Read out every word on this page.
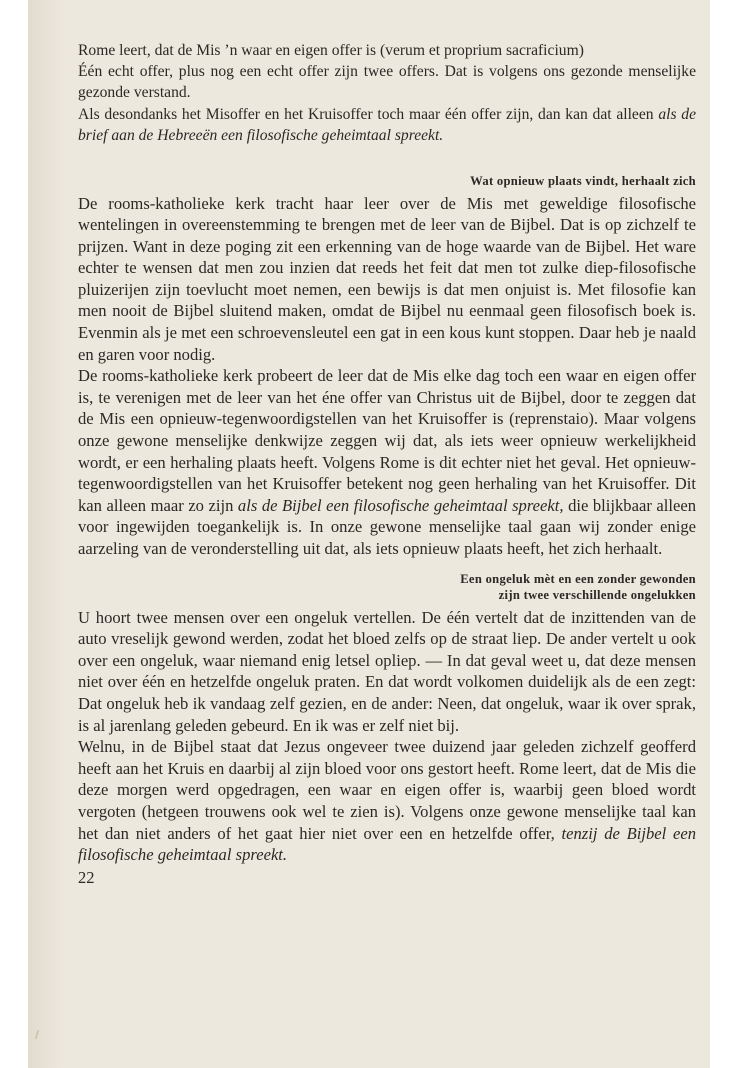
Rome leert, dat de Mis ’n waar en eigen offer is (verum et proprium sacraficium)

Één echt offer, plus nog een echt offer zijn twee offers. Dat is volgens ons gezonde menselijke gezonde verstand.

Als desondanks het Misoffer en het Kruisoffer toch maar één offer zijn, dan kan dat alleen als de brief aan de Hebreeën een filosofische geheimtaal spreekt.

Wat opnieuw plaats vindt, herhaalt zich

De rooms-katholieke kerk tracht haar leer over de Mis met geweldige filosofische wentelingen in overeenstemming te brengen met de leer van de Bijbel. Dat is op zichzelf te prijzen. Want in deze poging zit een erkenning van de hoge waarde van de Bijbel. Het ware echter te wensen dat men zou inzien dat reeds het feit dat men tot zulke diep-filosofische pluizerijen zijn toevlucht moet nemen, een bewijs is dat men onjuist is. Met filosofie kan men nooit de Bijbel sluitend maken, omdat de Bijbel nu eenmaal geen filosofisch boek is. Evenmin als je met een schroevensleutel een gat in een kous kunt stoppen. Daar heb je naald en garen voor nodig.

De rooms-katholieke kerk probeert de leer dat de Mis elke dag toch een waar en eigen offer is, te verenigen met de leer van het éne offer van Christus uit de Bijbel, door te zeggen dat de Mis een opnieuw-tegenwoordigstellen van het Kruisoffer is (reprenstaio). Maar volgens onze gewone menselijke denkwijze zeggen wij dat, als iets weer opnieuw werkelijkheid wordt, er een herhaling plaats heeft. Volgens Rome is dit echter niet het geval. Het opnieuw-tegenwoordigstellen van het Kruisoffer betekent nog geen herhaling van het Kruisoffer. Dit kan alleen maar zo zijn als de Bijbel een filosofische geheimtaal spreekt, die blijkbaar alleen voor ingewijden toegankelijk is. In onze gewone menselijke taal gaan wij zonder enige aarzeling van de veronderstelling uit dat, als iets opnieuw plaats heeft, het zich herhaalt.

Een ongeluk mèt en een zonder gewonden
zijn twee verschillende ongelukken

U hoort twee mensen over een ongeluk vertellen. De één vertelt dat de inzittenden van de auto vreselijk gewond werden, zodat het bloed zelfs op de straat liep. De ander vertelt u ook over een ongeluk, waar niemand enig letsel opliep. — In dat geval weet u, dat deze mensen niet over één en hetzelfde ongeluk praten. En dat wordt volkomen duidelijk als de een zegt: Dat ongeluk heb ik vandaag zelf gezien, en de ander: Neen, dat ongeluk, waar ik over sprak, is al jarenlang geleden gebeurd. En ik was er zelf niet bij.

Welnu, in de Bijbel staat dat Jezus ongeveer twee duizend jaar geleden zichzelf geofferd heeft aan het Kruis en daarbij al zijn bloed voor ons gestort heeft. Rome leert, dat de Mis die deze morgen werd opgedragen, een waar en eigen offer is, waarbij geen bloed wordt vergoten (hetgeen trouwens ook wel te zien is). Volgens onze gewone menselijke taal kan het dan niet anders of het gaat hier niet over een en hetzelfde offer, tenzij de Bijbel een filosofische geheimtaal spreekt.

22
